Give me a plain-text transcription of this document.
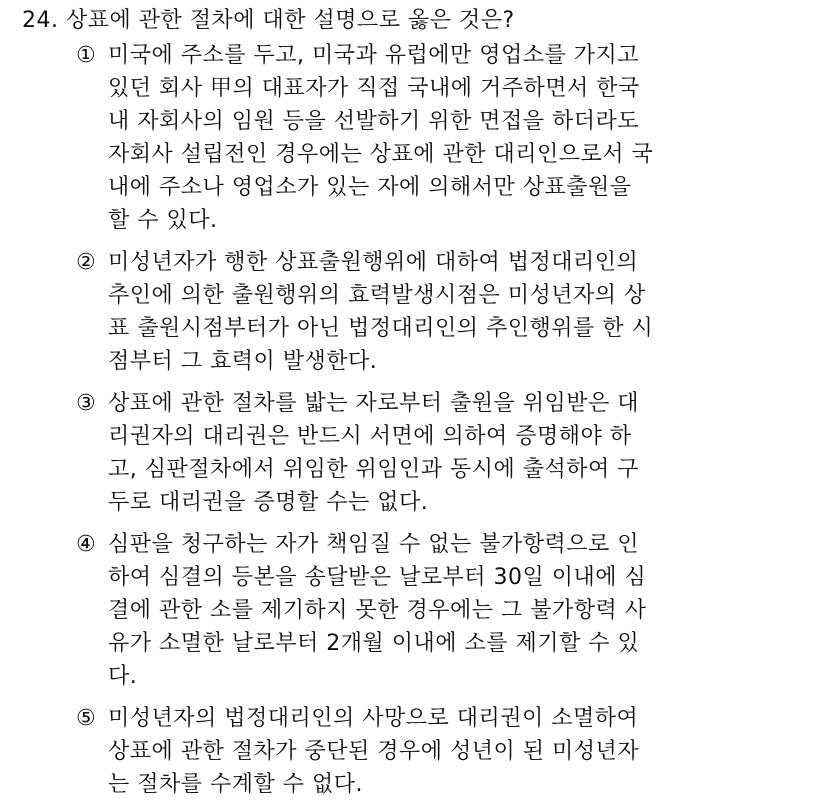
24. 상표에 관한 절차에 대한 설명으로 옳은 것은?
① 미국에 주소를 두고, 미국과 유럽에만 영업소를 가지고
있던 회사 甲의 대표자가 직접 국내에 거주하면서 한국
내 자회사의 임원 등을 선발하기 위한 면접을 하더라도
자회사 설립전인 경우에는 상표에 관한 대리인으로서 국
내에 주소나 영업소가 있는 자에 의해서만 상표출원을
할 수 있다.
② 미성년자가 행한 상표출원행위에 대하여 법정대리인의
추인에 의한 출원행위의 효력발생시점은 미성년자의 상
표 출원시점부터가 아닌 법정대리인의 추인행위를 한 시
점부터 그 효력이 발생한다.
③ 상표에 관한 절차를 밟는 자로부터 출원을 위임받은 대
리권자의 대리권은 반드시 서면에 의하여 증명해야 하
고, 심판절차에서 위임한 위임인과 동시에 출석하여 구
두로 대리권을 증명할 수는 없다.
④ 심판을 청구하는 자가 책임질 수 없는 불가항력으로 인
하여 심결의 등본을 송달받은 날로부터 30일 이내에 심
결에 관한 소를 제기하지 못한 경우에는 그 불가항력 사
유가 소멸한 날로부터 2개월 이내에 소를 제기할 수 있
다.
⑤ 미성년자의 법정대리인의 사망으로 대리권이 소멸하여
상표에 관한 절차가 중단된 경우에 성년이 된 미성년자
는 절차를 수계할 수 없다.
